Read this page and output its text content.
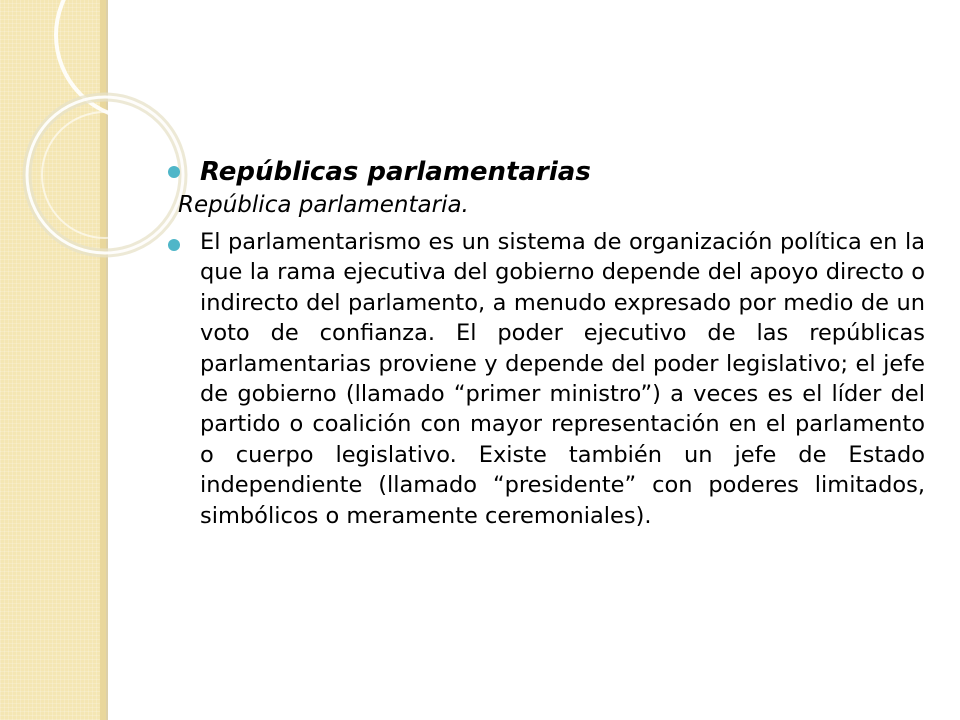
Repúblicas parlamentarias
República parlamentaria.
El parlamentarismo es un sistema de organización política en la que la rama ejecutiva del gobierno depende del apoyo directo o indirecto del parlamento, a menudo expresado por medio de un voto de confianza. El poder ejecutivo de las repúblicas parlamentarias proviene y depende del poder legislativo; el jefe de gobierno (llamado “primer ministro”) a veces es el líder del partido o coalición con mayor representación en el parlamento o cuerpo legislativo. Existe también un jefe de Estado independiente (llamado “presidente” con poderes limitados, simbólicos o meramente ceremoniales).
